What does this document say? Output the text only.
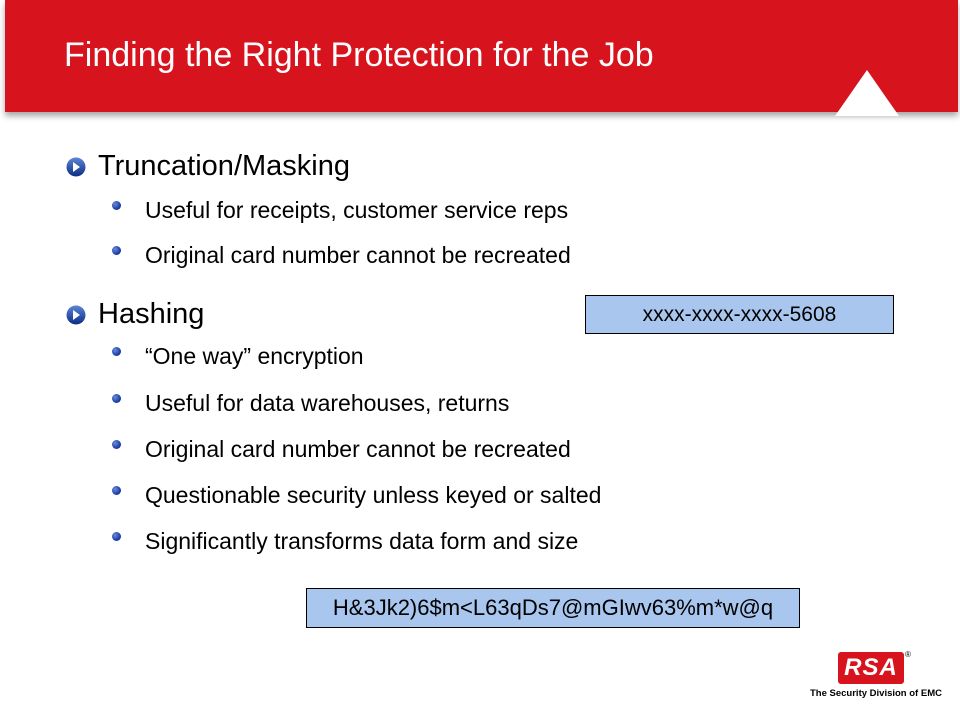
Finding the Right Protection for the Job
Truncation/Masking
Useful for receipts, customer service reps
Original card number cannot be recreated
Hashing
“One way” encryption
Useful for data warehouses, returns
Original card number cannot be recreated
Questionable security unless keyed or salted
Significantly transforms data form and size
xxxx-xxxx-xxxx-5608
H&3Jk2)6$m<L63qDs7@mGIwv63%m*w@q
RSA ®
The Security Division of EMC
